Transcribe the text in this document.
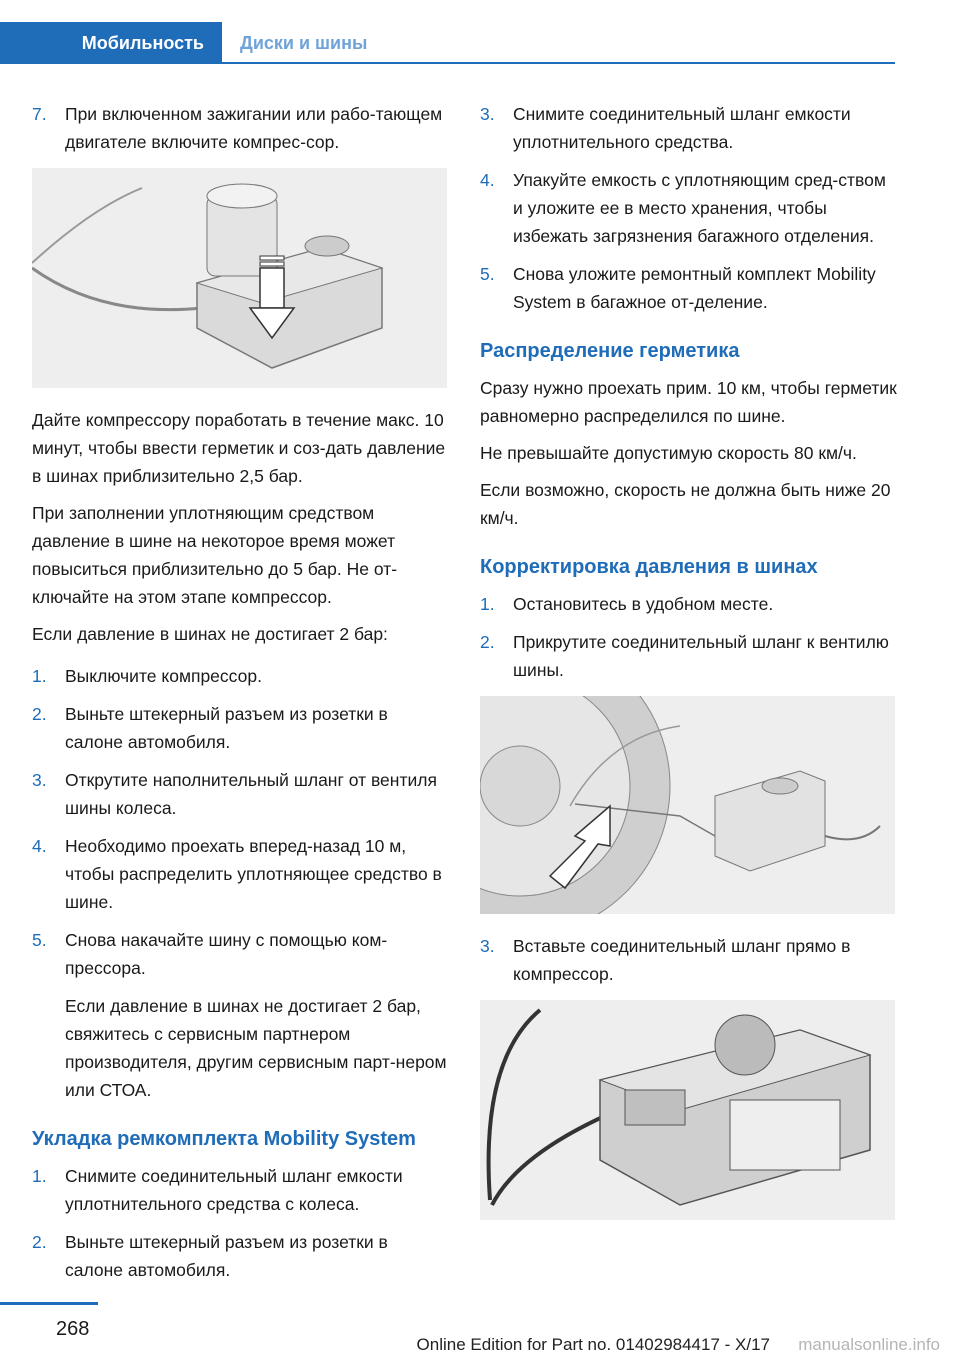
Мобильность	Диски и шины
7.	При включенном зажигании или рабо-тающем двигателе включите компрес-сор.

Дайте компрессору поработать в течение макс. 10 минут, чтобы ввести герметик и соз-дать давление в шинах приблизительно 2,5 бар.

При заполнении уплотняющим средством давление в шине на некоторое время может повыситься приблизительно до 5 бар. Не от-ключайте на этом этапе компрессор.

Если давление в шинах не достигает 2 бар:

1.	Выключите компрессор.
2.	Выньте штекерный разъем из розетки в салоне автомобиля.
3.	Открутите наполнительный шланг от вентиля шины колеса.
4.	Необходимо проехать вперед-назад 10 м, чтобы распределить уплотняющее средство в шине.
5.	Снова накачайте шину с помощью ком-прессора.
Если давление в шинах не достигает 2 бар, свяжитесь с сервисным партнером производителя, другим сервисным парт-нером или СТОА.
Укладка ремкомплекта Mobility System
1.	Снимите соединительный шланг емкости уплотнительного средства с колеса.
2.	Выньте штекерный разъем из розетки в салоне автомобиля.
3.	Снимите соединительный шланг емкости уплотнительного средства.
4.	Упакуйте емкость с уплотняющим сред-ством и уложите ее в место хранения, чтобы избежать загрязнения багажного отделения.
5.	Снова уложите ремонтный комплект Mobility System в багажное от-деление.
Распределение герметика

Сразу нужно проехать прим. 10 км, чтобы герметик равномерно распределился по шине.

Не превышайте допустимую скорость 80 км/ч.

Если возможно, скорость не должна быть ниже 20 км/ч.

Корректировка давления в шинах
1.	Остановитесь в удобном месте.
2.	Прикрутите соединительный шланг к вентилю шины.
3.	Вставьте соединительный шланг прямо в компрессор.
268
manualsonline.info
Online Edition for Part no. 01402984417 - X/17
